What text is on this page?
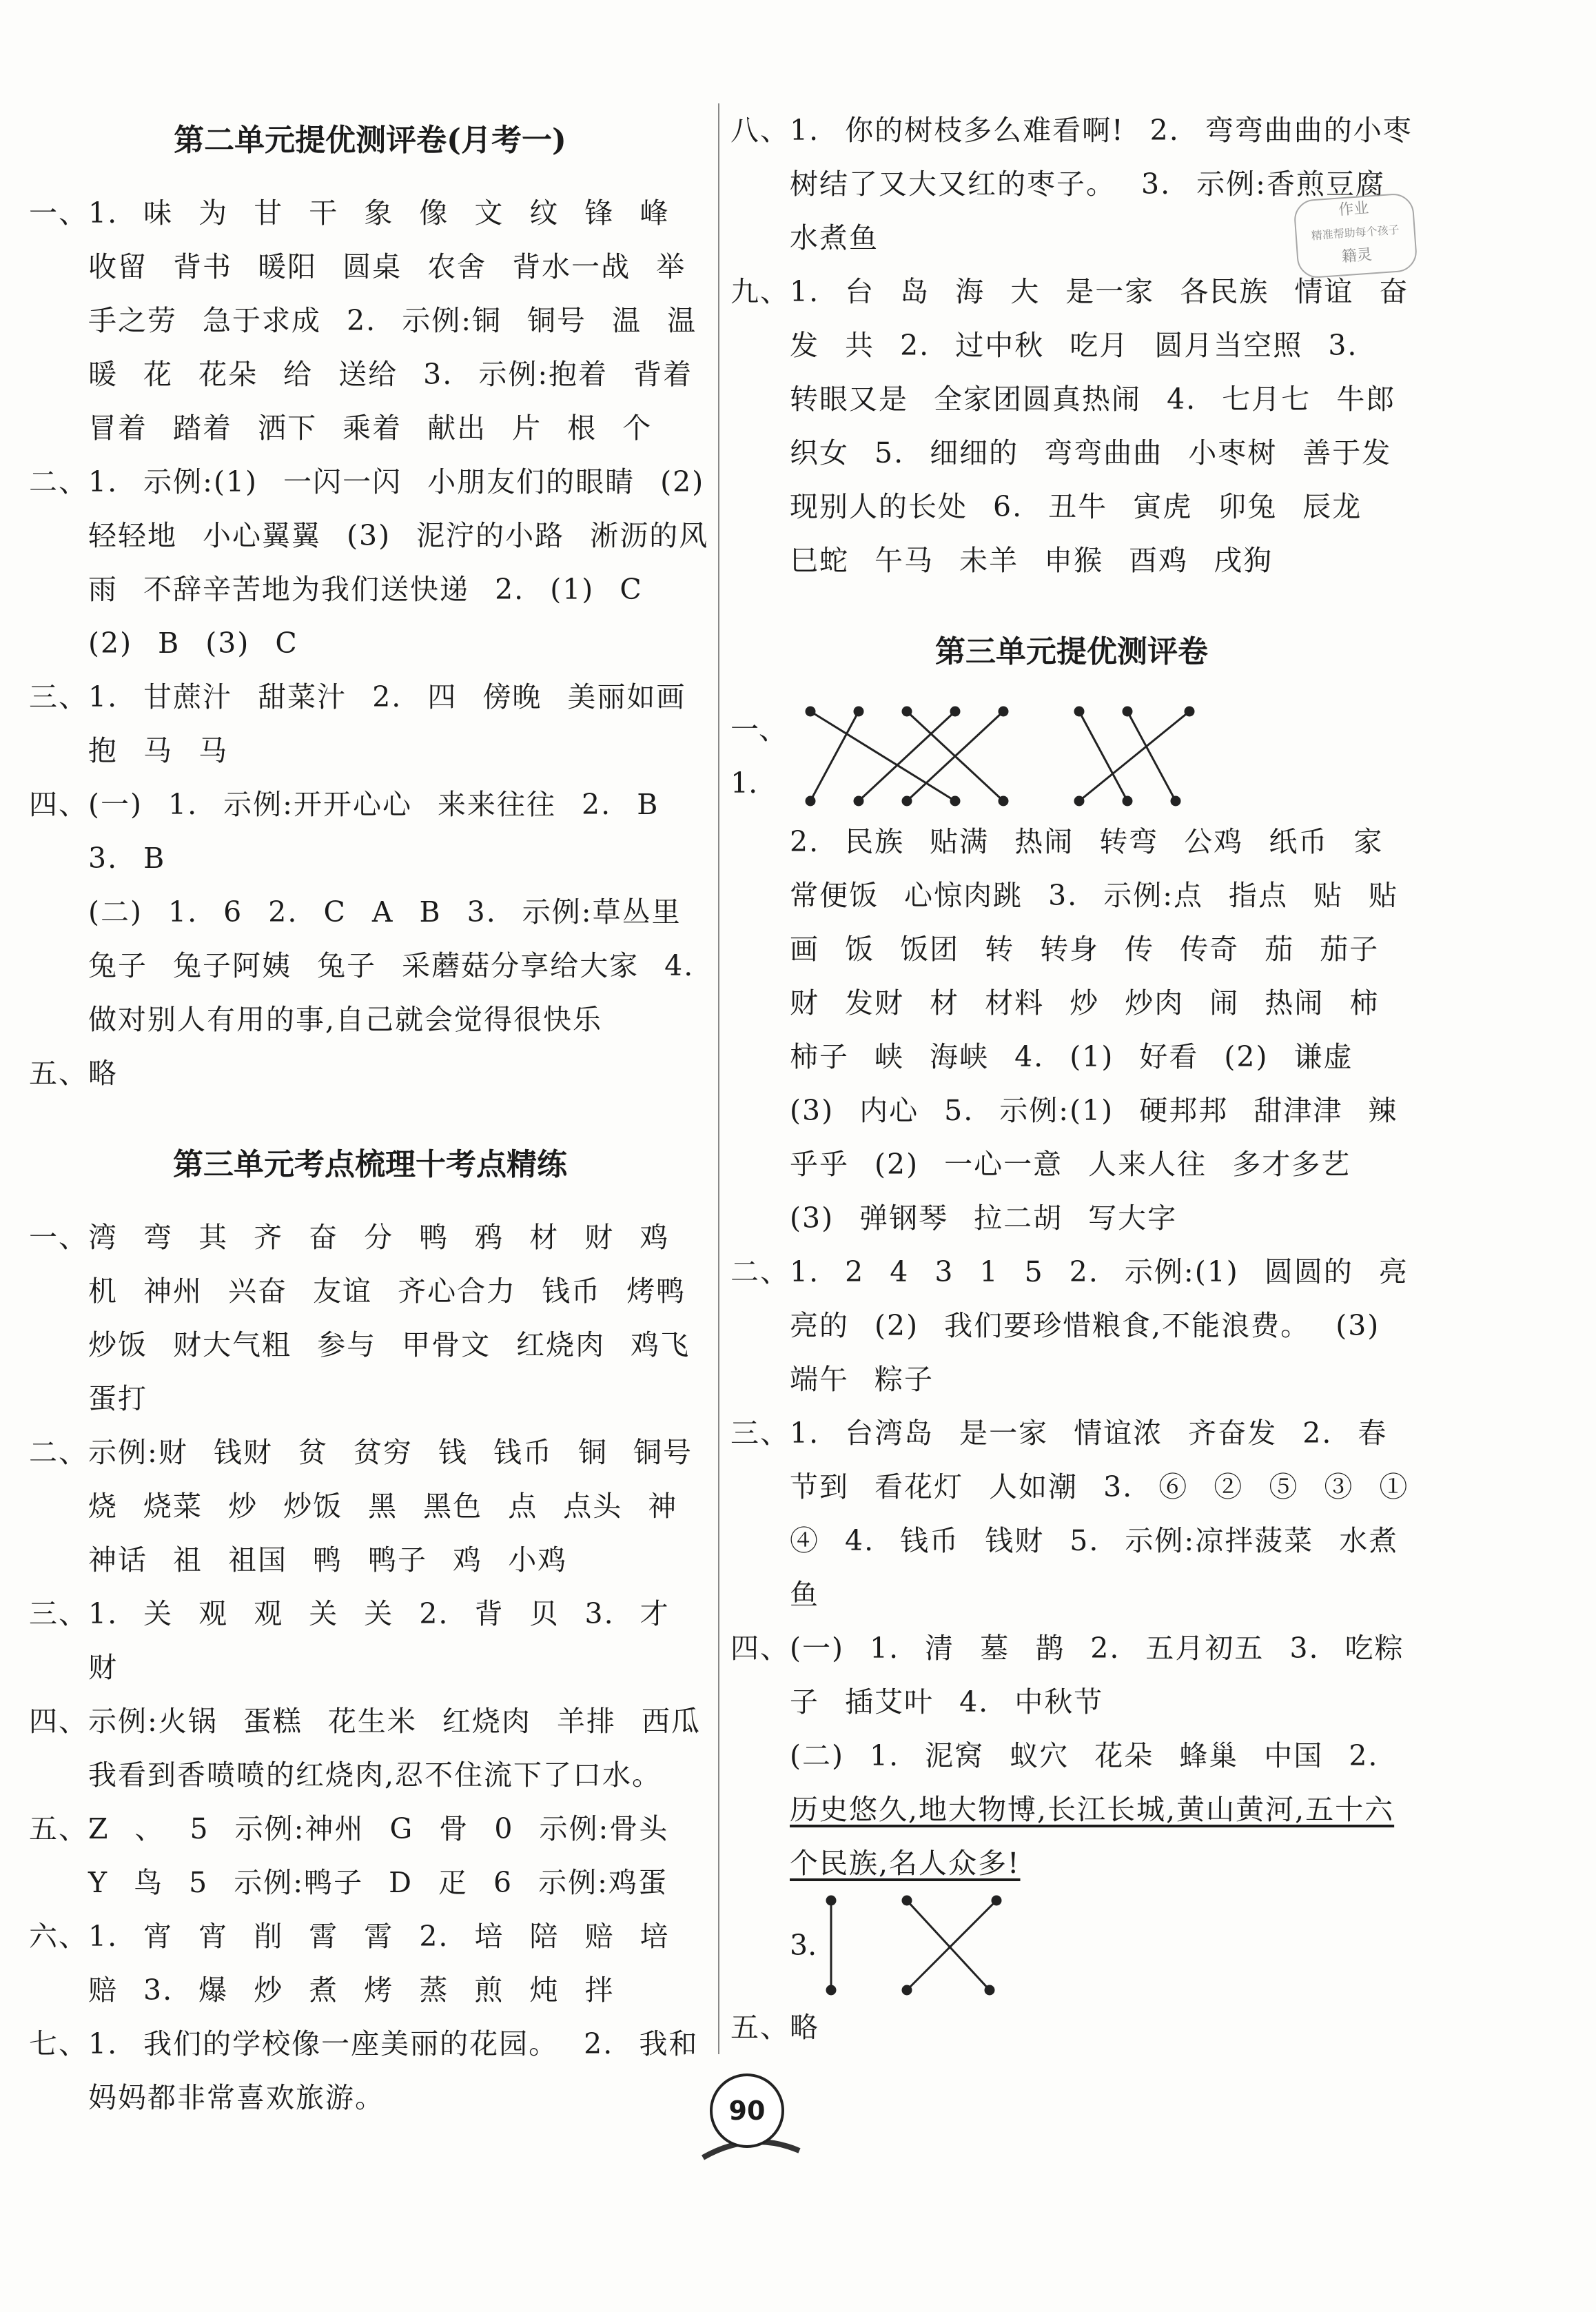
第二单元提优测评卷(月考一)
一、1. 味 为 甘 干 象 像 文 纹 锋 峰 收留 背书 暖阳 圆桌 农舍 背水一战 举手之劳 急于求成 2. 示例:铜 铜号 温 温暖 花 花朵 给 送给 3. 示例:抱着 背着 冒着 踏着 洒下 乘着 献出 片 根 个
二、1. 示例:(1) 一闪一闪 小朋友们的眼睛 (2) 轻轻地 小心翼翼 (3) 泥泞的小路 淅沥的风雨 不辞辛苦地为我们送快递 2. (1) C (2) B (3) C
三、1. 甘蔗汁 甜菜汁 2. 四 傍晚 美丽如画 抱 马 马
四、(一) 1. 示例:开开心心 来来往往 2. B 3. B
(二) 1. 6 2. C A B 3. 示例:草丛里 兔子 兔子阿姨 兔子 采蘑菇分享给大家 4. 做对别人有用的事,自己就会觉得很快乐
五、略
第三单元考点梳理十考点精练
一、湾 弯 其 齐 奋 分 鸭 鸦 材 财 鸡 机 神州 兴奋 友谊 齐心合力 钱币 烤鸭 炒饭 财大气粗 参与 甲骨文 红烧肉 鸡飞蛋打
二、示例:财 钱财 贫 贫穷 钱 钱币 铜 铜号 烧 烧菜 炒 炒饭 黑 黑色 点 点头 神 神话 祖 祖国 鸭 鸭子 鸡 小鸡
三、1. 关 观 观 关 关 2. 背 贝 3. 才 财
四、示例:火锅 蛋糕 花生米 红烧肉 羊排 西瓜 我看到香喷喷的红烧肉,忍不住流下了口水。
五、Z 、 5 示例:神州 G 骨 0 示例:骨头 Y 鸟 5 示例:鸭子 D 疋 6 示例:鸡蛋
六、1. 宵 宵 削 霄 霄 2. 培 陪 赔 培 赔 3. 爆 炒 煮 烤 蒸 煎 炖 拌
七、1. 我们的学校像一座美丽的花园。 2. 我和妈妈都非常喜欢旅游。
八、1. 你的树枝多么难看啊! 2. 弯弯曲曲的小枣树结了又大又红的枣子。 3. 示例:香煎豆腐 水煮鱼
九、1. 台 岛 海 大 是一家 各民族 情谊 奋 发 共 2. 过中秋 吃月 圆月当空照 3. 转眼又是 全家团圆真热闹 4. 七月七 牛郎织女 5. 细细的 弯弯曲曲 小枣树 善于发现别人的长处 6. 丑牛 寅虎 卯兔 辰龙 巳蛇 午马 未羊 申猴 酉鸡 戌狗
第三单元提优测评卷
一、1.
2. 民族 贴满 热闹 转弯 公鸡 纸币 家常便饭 心惊肉跳 3. 示例:点 指点 贴 贴画 饭 饭团 转 转身 传 传奇 茄 茄子 财 发财 材 材料 炒 炒肉 闹 热闹 柿 柿子 峡 海峡 4. (1) 好看 (2) 谦虚 (3) 内心 5. 示例:(1) 硬邦邦 甜津津 辣乎乎 (2) 一心一意 人来人往 多才多艺 (3) 弹钢琴 拉二胡 写大字
二、1. 2 4 3 1 5 2. 示例:(1) 圆圆的 亮亮的 (2) 我们要珍惜粮食,不能浪费。 (3) 端午 粽子
三、1. 台湾岛 是一家 情谊浓 齐奋发 2. 春节到 看花灯 人如潮 3. ⑥ ② ⑤ ③ ① ④ 4. 钱币 钱财 5. 示例:凉拌菠菜 水煮鱼
四、(一) 1. 清 墓 鹊 2. 五月初五 3. 吃粽子 插艾叶 4. 中秋节
(二) 1. 泥窝 蚁穴 花朵 蜂巢 中国 2. 历史悠久,地大物博,长江长城,黄山黄河,五十六个民族,名人众多!
3.
五、略
作业
精准帮助每个孩子
籍灵
90
